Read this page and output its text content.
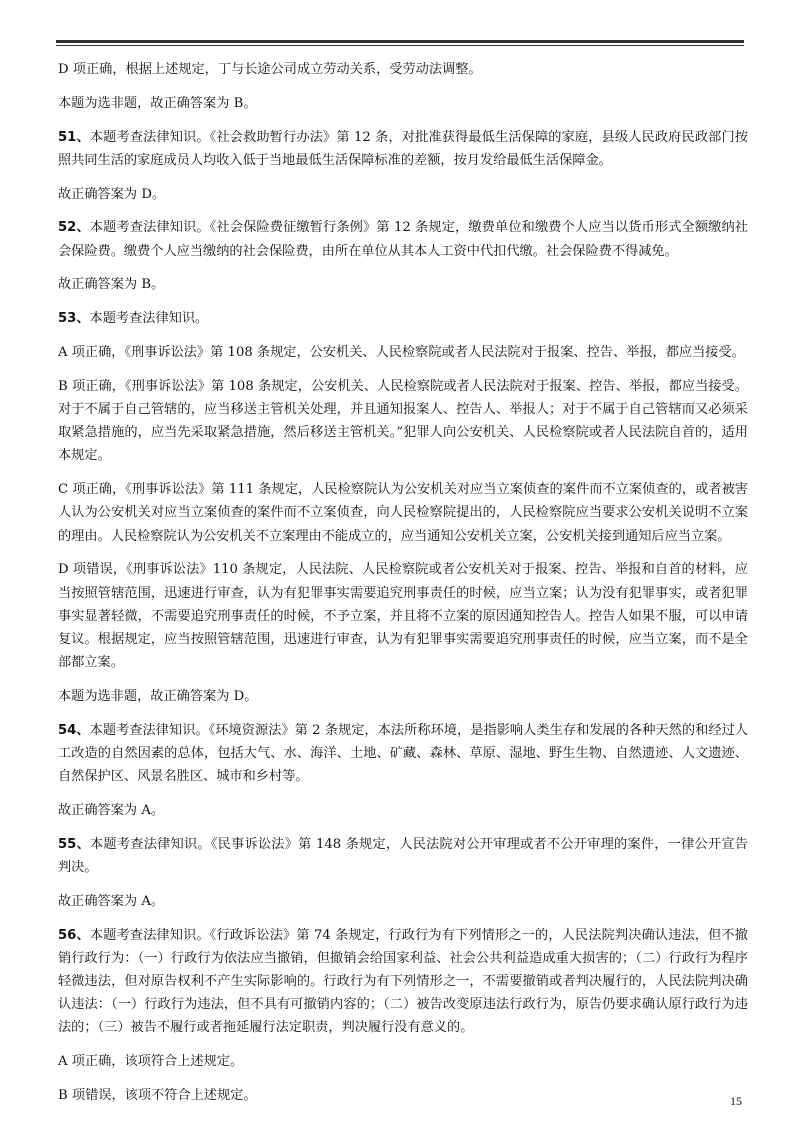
D 项正确，根据上述规定，丁与长途公司成立劳动关系，受劳动法调整。

本题为选非题，故正确答案为 B。

51、本题考查法律知识。《社会救助暂行办法》第 12 条，对批准获得最低生活保障的家庭，县级人民政府民政部门按照共同生活的家庭成员人均收入低于当地最低生活保障标准的差额，按月发给最低生活保障金。

故正确答案为 D。

52、本题考查法律知识。《社会保险费征缴暂行条例》第 12 条规定，缴费单位和缴费个人应当以货币形式全额缴纳社会保险费。缴费个人应当缴纳的社会保险费，由所在单位从其本人工资中代扣代缴。社会保险费不得减免。

故正确答案为 B。

53、本题考查法律知识。

A 项正确，《刑事诉讼法》第 108 条规定，公安机关、人民检察院或者人民法院对于报案、控告、举报，都应当接受。

B 项正确，《刑事诉讼法》第 108 条规定，公安机关、人民检察院或者人民法院对于报案、控告、举报，都应当接受。对于不属于自己管辖的，应当移送主管机关处理，并且通知报案人、控告人、举报人；对于不属于自己管辖而又必须采取紧急措施的，应当先采取紧急措施，然后移送主管机关。”犯罪人向公安机关、人民检察院或者人民法院自首的，适用本规定。

C 项正确，《刑事诉讼法》第 111 条规定，人民检察院认为公安机关对应当立案侦查的案件而不立案侦查的，或者被害人认为公安机关对应当立案侦查的案件而不立案侦查，向人民检察院提出的，人民检察院应当要求公安机关说明不立案的理由。人民检察院认为公安机关不立案理由不能成立的，应当通知公安机关立案，公安机关接到通知后应当立案。

D 项错误，《刑事诉讼法》110 条规定，人民法院、人民检察院或者公安机关对于报案、控告、举报和自首的材料，应当按照管辖范围，迅速进行审查，认为有犯罪事实需要追究刑事责任的时候，应当立案；认为没有犯罪事实，或者犯罪事实显著轻微，不需要追究刑事责任的时候，不予立案，并且将不立案的原因通知控告人。控告人如果不服，可以申请复议。根据规定，应当按照管辖范围，迅速进行审查，认为有犯罪事实需要追究刑事责任的时候，应当立案，而不是全部都立案。

本题为选非题，故正确答案为 D。

54、本题考查法律知识。《环境资源法》第 2 条规定，本法所称环境，是指影响人类生存和发展的各种天然的和经过人工改造的自然因素的总体，包括大气、水、海洋、土地、矿藏、森林、草原、湿地、野生生物、自然遗迹、人文遗迹、自然保护区、风景名胜区、城市和乡村等。

故正确答案为 A。

55、本题考查法律知识。《民事诉讼法》第 148 条规定，人民法院对公开审理或者不公开审理的案件，一律公开宣告判决。

故正确答案为 A。

56、本题考查法律知识。《行政诉讼法》第 74 条规定，行政行为有下列情形之一的，人民法院判决确认违法，但不撤销行政行为：（一）行政行为依法应当撤销，但撤销会给国家利益、社会公共利益造成重大损害的；（二）行政行为程序轻微违法，但对原告权利不产生实际影响的。行政行为有下列情形之一，不需要撤销或者判决履行的，人民法院判决确认违法：（一）行政行为违法，但不具有可撤销内容的；（二）被告改变原违法行政行为，原告仍要求确认原行政行为违法的；（三）被告不履行或者拖延履行法定职责，判决履行没有意义的。

A 项正确，该项符合上述规定。

B 项错误，该项不符合上述规定。	15
